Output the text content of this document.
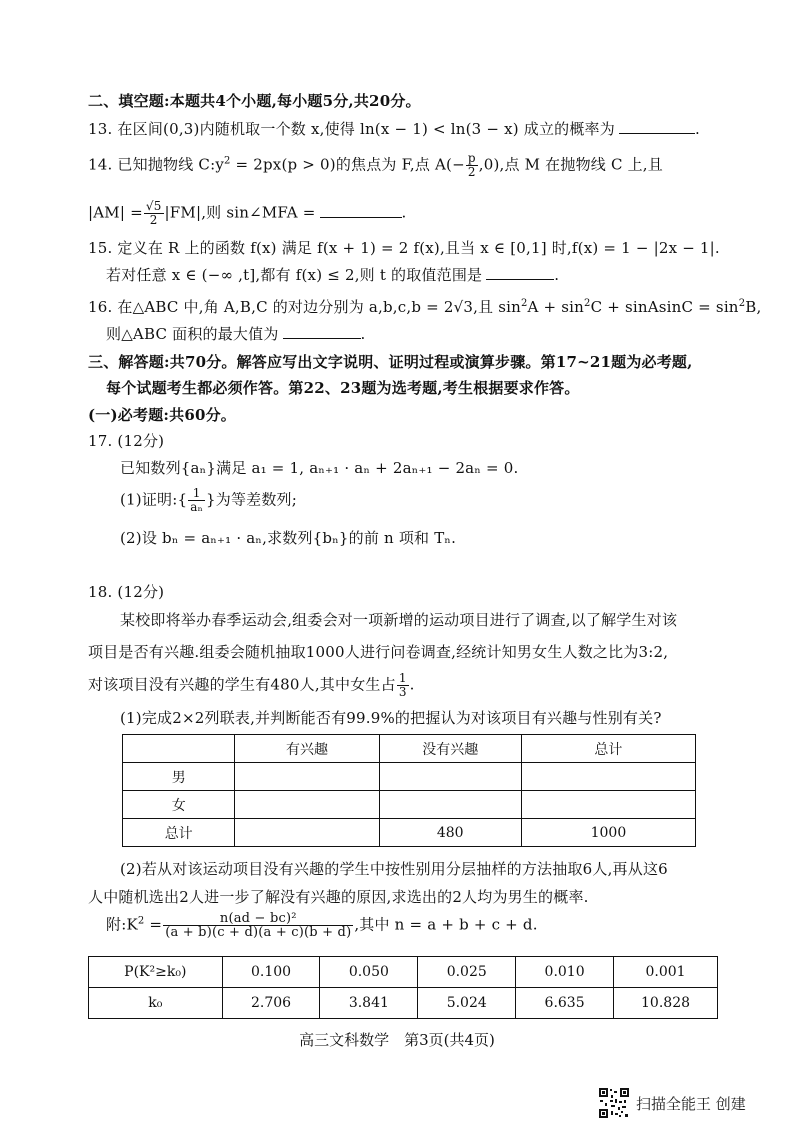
二、填空题:本题共4个小题,每小题5分,共20分。
13. 在区间(0,3)内随机取一个数 x,使得 ln(x − 1) < ln(3 − x) 成立的概率为	.
14. 已知抛物线 $C:y^2 = 2px(p > 0)$的焦点为 F,点 $A(- \frac{p}{2} ,0)$,点 M 在抛物线 C 上,且
$|AM| = \frac{√5}{2} |FM|$,则 sin∠MFA =	.
15. 定义在 R 上的函数 f(x) 满足 f(x + 1) = 2 f(x),且当 x ∈ [0,1] 时,f(x) = 1 − |2x − 1|.
若对任意 x ∈ (−∞ ,t],都有 f(x) ≤ 2,则 t 的取值范围是	.
16. 在△ABC 中,角 A,B,C 的对边分别为 a,b,c,b = 2√3,且 $\sin^2A + \sin^2C$ + sinAsinC = $\sin^2B$,
则△ABC 面积的最大值为	.
三、解答题:共70分。解答应写出文字说明、证明过程或演算步骤。第17~21题为必考题,
每个试题考生都必须作答。第22、23题为选考题,考生根据要求作答。
(一)必考题:共60分。
17. (12分)
已知数列{aₙ}满足 a₁ = 1, aₙ₊₁ · aₙ + 2aₙ₊₁ − 2aₙ = 0.
(1)证明:{ $\frac{1}{\text{aₙ}}$ }为等差数列;
(2)设 bₙ = aₙ₊₁ · aₙ,求数列{bₙ}的前 n 项和 Tₙ.
18. (12分)
某校即将举办春季运动会,组委会对一项新增的运动项目进行了调查,以了解学生对该
项目是否有兴趣.组委会随机抽取1000人进行问卷调查,经统计知男女生人数之比为3:2,
对该项目没有兴趣的学生有480人,其中女生占 $\frac{1}{3}$ .
(1)完成2×2列联表,并判断能否有99.9%的把握认为对该项目有兴趣与性别有关?
	有兴趣	没有兴趣	总计
男			
女			
总计		480	1000
(2)若从对该运动项目没有兴趣的学生中按性别用分层抽样的方法抽取6人,再从这6
人中随机选出2人进一步了解没有兴趣的原因,求选出的2人均为男生的概率.
附$:K^2 = \frac{\text{n(ad − bc)²}}{(a + b)(c + d)(a + c)(b + d)}$ ,其中 n = a + b + c + d.
P(K²≥k₀)	0.100	0.050	0.025	0.010	0.001
k₀	2.706	3.841	5.024	6.635	10.828
高三文科数学　第3页(共4页)
扫描全能王 创建
